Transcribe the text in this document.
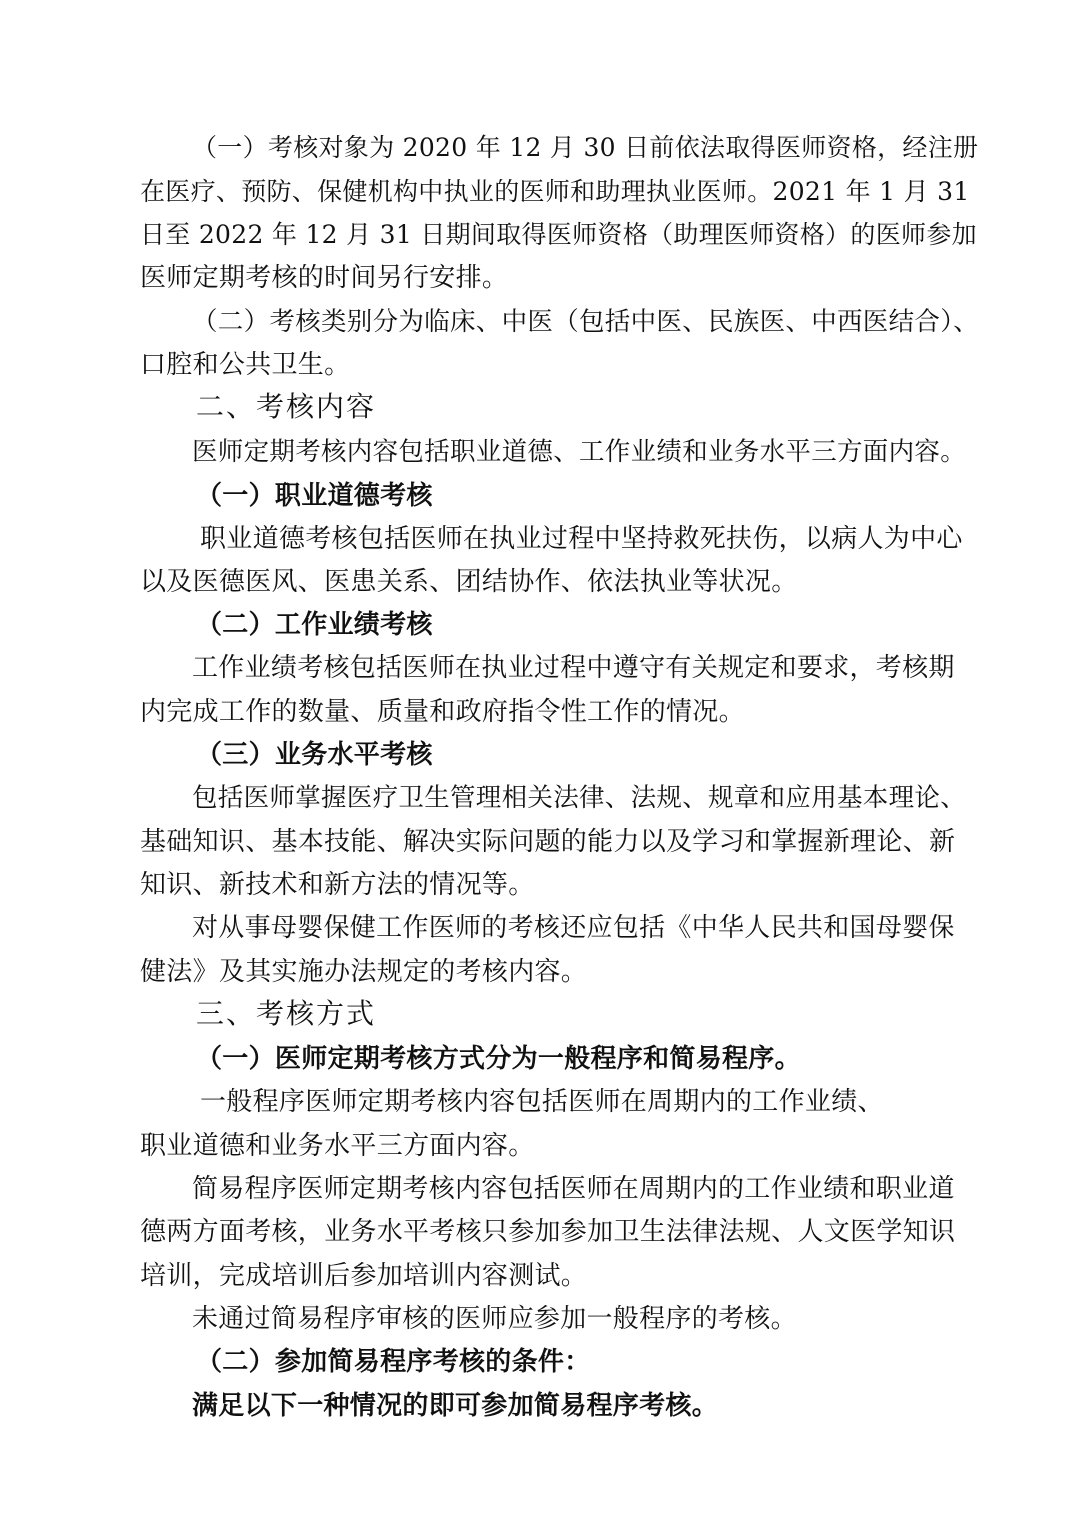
（一）考核对象为 2020 年 12 月 30 日前依法取得医师资格，经注册

在医疗、预防、保健机构中执业的医师和助理执业医师。2021 年 1 月 31

日至 2022 年 12 月 31 日期间取得医师资格（助理医师资格）的医师参加

医师定期考核的时间另行安排。

（二）考核类别分为临床、中医（包括中医、民族医、中西医结合）、

口腔和公共卫生。

二、考核内容

医师定期考核内容包括职业道德、工作业绩和业务水平三方面内容。

（一）职业道德考核

职业道德考核包括医师在执业过程中坚持救死扶伤，以病人为中心

以及医德医风、医患关系、团结协作、依法执业等状况。

（二）工作业绩考核

工作业绩考核包括医师在执业过程中遵守有关规定和要求，考核期

内完成工作的数量、质量和政府指令性工作的情况。

（三）业务水平考核

包括医师掌握医疗卫生管理相关法律、法规、规章和应用基本理论、

基础知识、基本技能、解决实际问题的能力以及学习和掌握新理论、新

知识、新技术和新方法的情况等。

对从事母婴保健工作医师的考核还应包括《中华人民共和国母婴保

健法》及其实施办法规定的考核内容。

三、考核方式

（一）医师定期考核方式分为一般程序和简易程序。

一般程序医师定期考核内容包括医师在周期内的工作业绩、

职业道德和业务水平三方面内容。

简易程序医师定期考核内容包括医师在周期内的工作业绩和职业道

德两方面考核，业务水平考核只参加参加卫生法律法规、人文医学知识

培训，完成培训后参加培训内容测试。

未通过简易程序审核的医师应参加一般程序的考核。

（二）参加简易程序考核的条件：

满足以下一种情况的即可参加简易程序考核。
